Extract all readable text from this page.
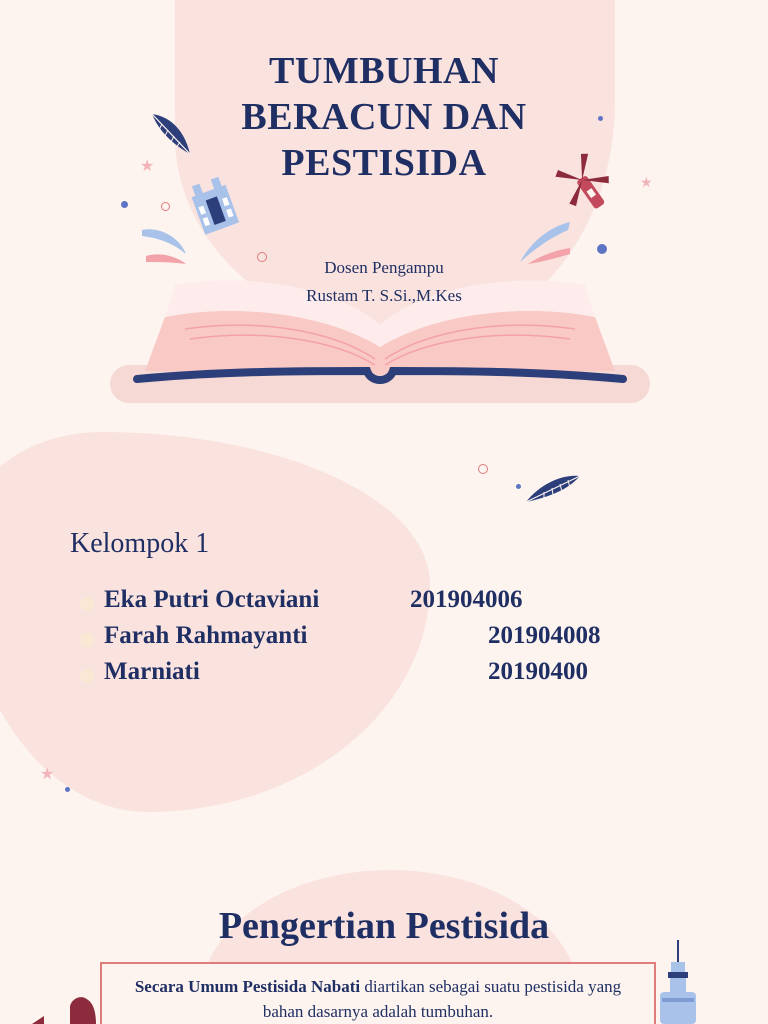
★
★
TUMBUHAN
BERACUN DAN
PESTISIDA
Dosen Pengampu
Rustam T. S.Si.,M.Kes
★
Kelompok 1
Eka Putri Octaviani	201904006
Farah Rahmayanti	201904008
Marniati	20190400
Pengertian Pestisida
Secara Umum Pestisida Nabati diartikan sebagai suatu pestisida yang bahan dasarnya adalah tumbuhan.
